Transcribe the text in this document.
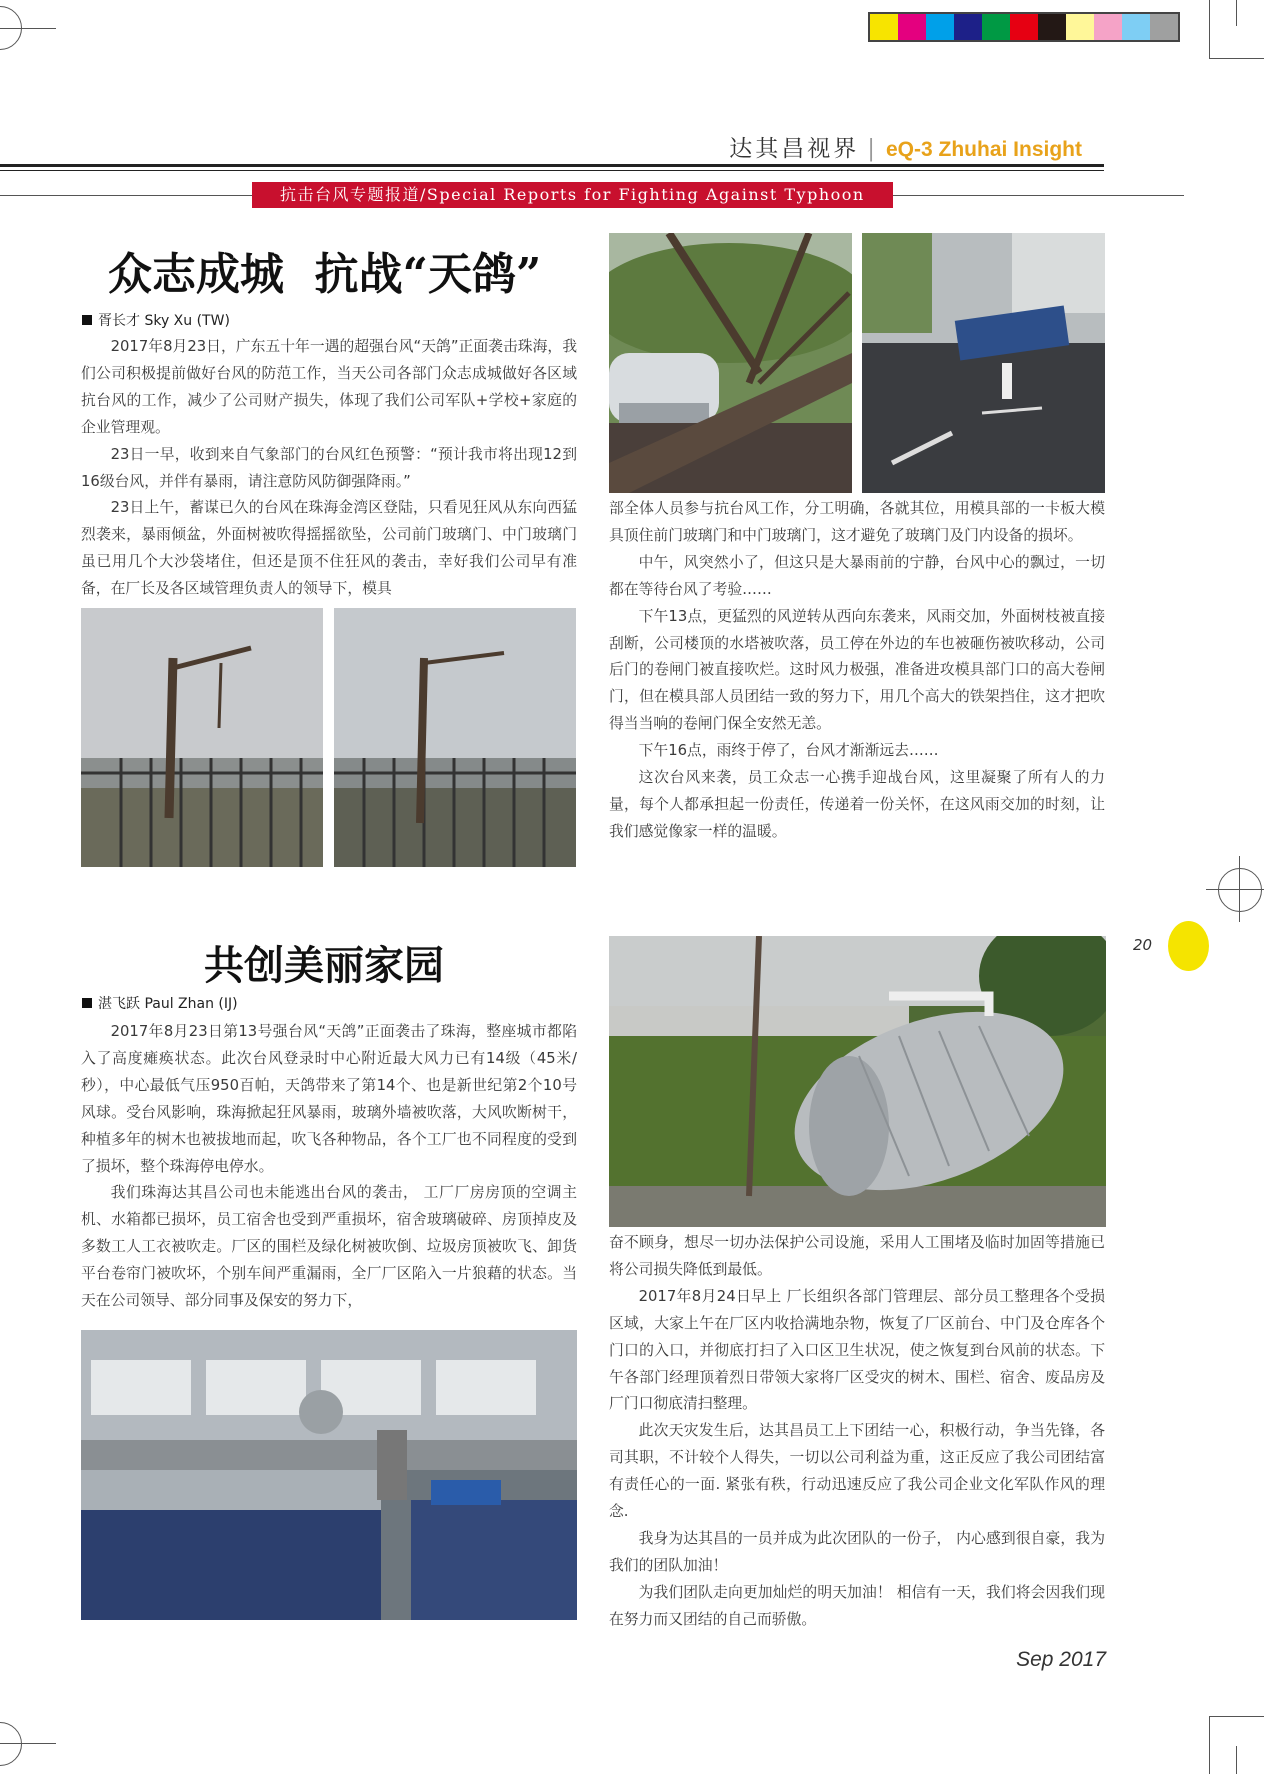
达其昌视界 | eQ-3 Zhuhai Insight
抗击台风专题报道/Special Reports for Fighting Against Typhoon
众志成城  抗战“天鸽”
胥长才 Sky Xu (TW)

2017年8月23日，广东五十年一遇的超强台风“天鸽”正面袭击珠海，我们公司积极提前做好台风的防范工作，当天公司各部门众志成城做好各区域抗台风的工作，减少了公司财产损失，体现了我们公司军队+学校+家庭的企业管理观。

23日一早，收到来自气象部门的台风红色预警：“预计我市将出现12到16级台风，并伴有暴雨，请注意防风防御强降雨。”

23日上午，蓄谋已久的台风在珠海金湾区登陆，只看见狂风从东向西猛烈袭来，暴雨倾盆，外面树被吹得摇摇欲坠，公司前门玻璃门、中门玻璃门虽已用几个大沙袋堵住，但还是顶不住狂风的袭击，幸好我们公司早有准备，在厂长及各区域管理负责人的领导下，模具

部全体人员参与抗台风工作，分工明确，各就其位，用模具部的一卡板大模具顶住前门玻璃门和中门玻璃门，这才避免了玻璃门及门内设备的损坏。

中午，风突然小了，但这只是大暴雨前的宁静，台风中心的飘过，一切都在等待台风了考验……

下午13点，更猛烈的风逆转从西向东袭来，风雨交加，外面树枝被直接刮断，公司楼顶的水塔被吹落，员工停在外边的车也被砸伤被吹移动，公司后门的卷闸门被直接吹烂。这时风力极强，准备进攻模具部门口的高大卷闸门，但在模具部人员团结一致的努力下，用几个高大的铁架挡住，这才把吹得当当响的卷闸门保全安然无恙。

下午16点，雨终于停了，台风才渐渐远去……

这次台风来袭，员工众志一心携手迎战台风，这里凝聚了所有人的力量，每个人都承担起一份责任，传递着一份关怀，在这风雨交加的时刻，让我们感觉像家一样的温暖。

共创美丽家园
湛飞跃 Paul Zhan (IJ)

2017年8月23日第13号强台风“天鸽”正面袭击了珠海，整座城市都陷入了高度瘫痪状态。此次台风登录时中心附近最大风力已有14级（45米/秒），中心最低气压950百帕，天鸽带来了第14个、也是新世纪第2个10号风球。受台风影响，珠海掀起狂风暴雨，玻璃外墙被吹落，大风吹断树干，种植多年的树木也被拔地而起，吹飞各种物品，各个工厂也不同程度的受到了损坏，整个珠海停电停水。

我们珠海达其昌公司也未能逃出台风的袭击， 工厂厂房房顶的空调主机、水箱都已损坏，员工宿舍也受到严重损坏，宿舍玻璃破碎、房顶掉皮及多数工人工衣被吹走。厂区的围栏及绿化树被吹倒、垃圾房顶被吹飞、卸货平台卷帘门被吹坏，个别车间严重漏雨，全厂厂区陷入一片狼藉的状态。当天在公司领导、部分同事及保安的努力下，

奋不顾身，想尽一切办法保护公司设施，采用人工围堵及临时加固等措施已将公司损失降低到最低。

2017年8月24日早上 厂长组织各部门管理层、部分员工整理各个受损区域，大家上午在厂区内收拾满地杂物，恢复了厂区前台、中门及仓库各个门口的入口，并彻底打扫了入口区卫生状况，使之恢复到台风前的状态。下午各部门经理顶着烈日带领大家将厂区受灾的树木、围栏、宿舍、废品房及厂门口彻底清扫整理。

此次天灾发生后，达其昌员工上下团结一心，积极行动，争当先锋，各司其职，不计较个人得失，一切以公司利益为重，这正反应了我公司团结富有责任心的一面. 紧张有秩，行动迅速反应了我公司企业文化军队作风的理念.

我身为达其昌的一员并成为此次团队的一份子， 内心感到很自豪，我为我们的团队加油！

为我们团队走向更加灿烂的明天加油！ 相信有一天，我们将会因我们现在努力而又团结的自己而骄傲。

20
Sep 2017
